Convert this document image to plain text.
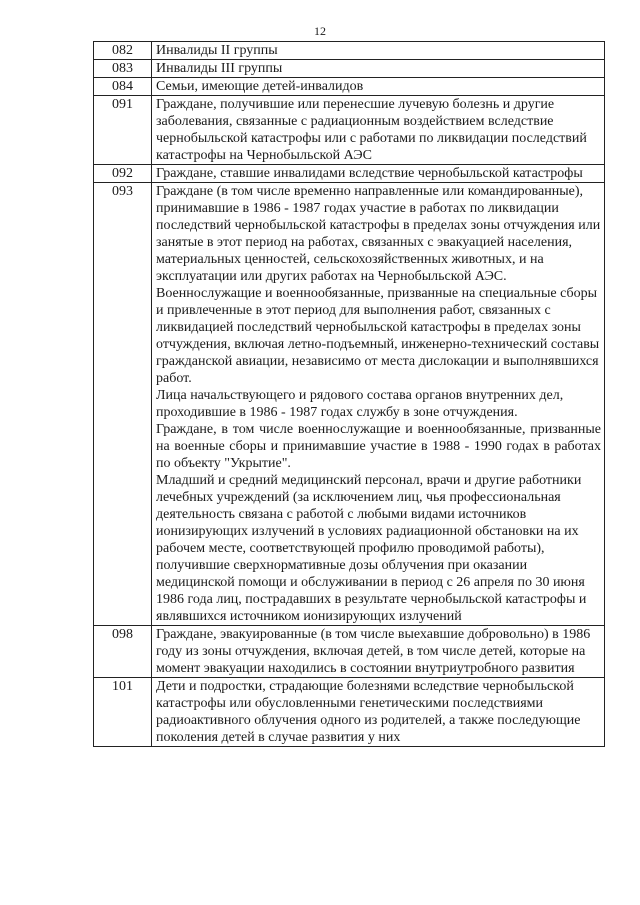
12
082	Инвалиды II группы

083	Инвалиды III группы

084	Семьи, имеющие детей-инвалидов

091	Граждане, получившие или перенесшие лучевую болезнь и другие заболевания, связанные с радиационным воздействием вследствие чернобыльской катастрофы или с работами по ликвидации последствий катастрофы на Чернобыльской АЭС

092	Граждане, ставшие инвалидами вследствие чернобыльской катастрофы

093	Граждане (в том числе временно направленные или командированные), принимавшие в 1986 - 1987 годах участие в работах по ликвидации последствий чернобыльской катастрофы в пределах зоны отчуждения или занятые в этот период на работах, связанных с эвакуацией населения, материальных ценностей, сельскохозяйственных животных, и на эксплуатации или других работах на Чернобыльской АЭС.
Военнослужащие и военнообязанные, призванные на специальные сборы и привлеченные в этот период для выполнения работ, связанных с ликвидацией последствий чернобыльской катастрофы в пределах зоны отчуждения, включая летно-подъемный, инженерно-технический составы гражданской авиации, независимо от места дислокации и выполнявшихся работ.
Лица начальствующего и рядового состава органов внутренних дел, проходившие в 1986 - 1987 годах службу в зоне отчуждения.
Граждане, в том числе военнослужащие и военнообязанные, призванные на военные сборы и принимавшие участие в 1988 - 1990 годах в работах по объекту "Укрытие".
Младший и средний медицинский персонал, врачи и другие работники лечебных учреждений (за исключением лиц, чья профессиональная деятельность связана с работой с любыми видами источников ионизирующих излучений в условиях радиационной обстановки на их рабочем месте, соответствующей профилю проводимой работы), получившие сверхнормативные дозы облучения при оказании медицинской помощи и обслуживании в период с 26 апреля по 30 июня 1986 года лиц, пострадавших в результате чернобыльской катастрофы и являвшихся источником ионизирующих излучений

098	Граждане, эвакуированные (в том числе выехавшие добровольно) в 1986 году из зоны отчуждения, включая детей, в том числе детей, которые на момент эвакуации находились в состоянии внутриутробного развития

101	Дети и подростки, страдающие болезнями вследствие чернобыльской катастрофы или обусловленными генетическими последствиями радиоактивного облучения одного из родителей, а также последующие поколения детей в случае развития у них
